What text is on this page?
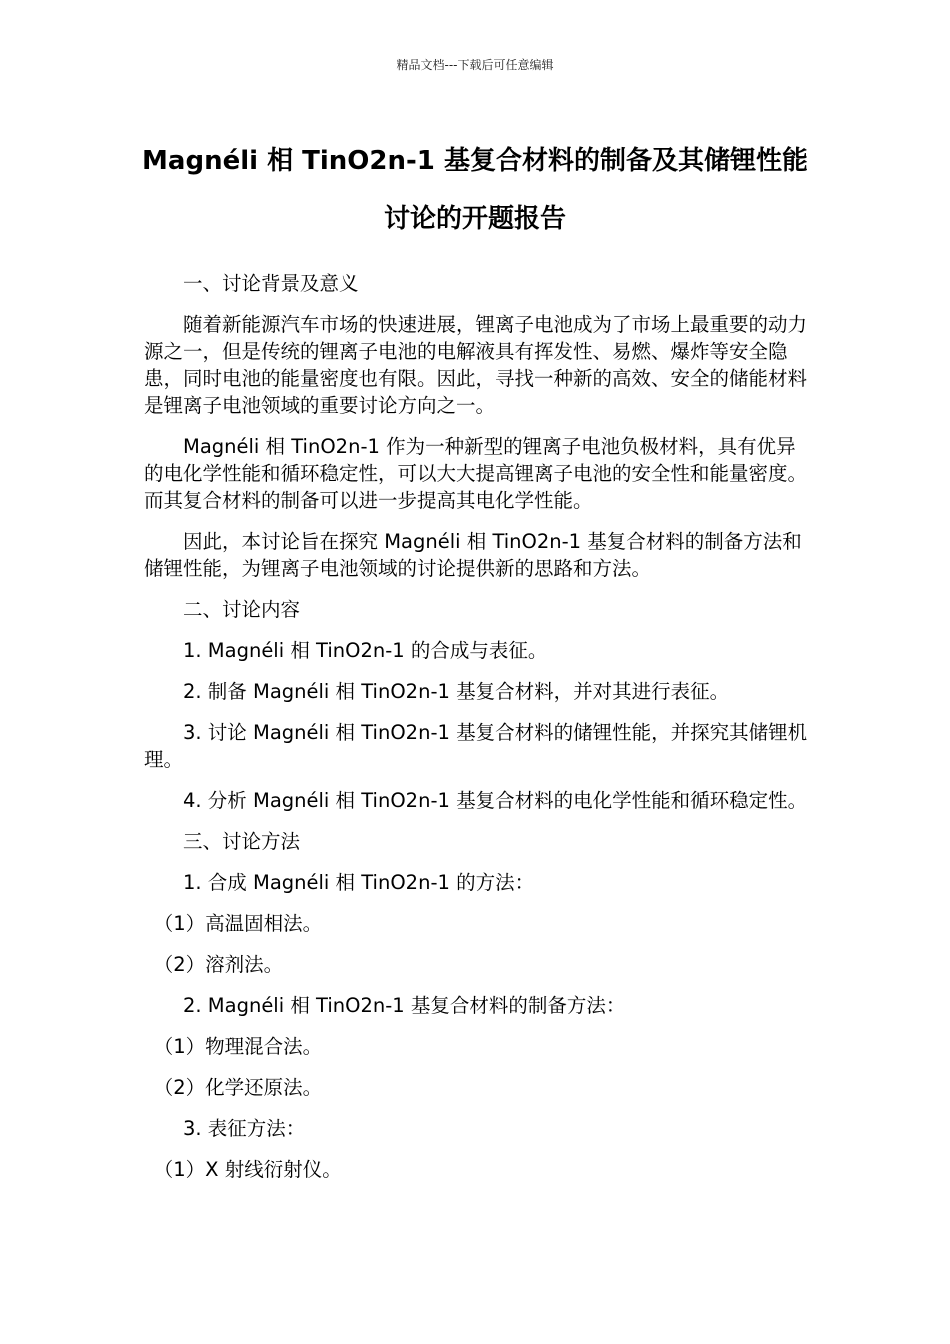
精品文档---下载后可任意编辑
Magnéli 相 TinO2n-1 基复合材料的制备及其储锂性能讨论的开题报告

一、讨论背景及意义

随着新能源汽车市场的快速进展，锂离子电池成为了市场上最重要的动力源之一，但是传统的锂离子电池的电解液具有挥发性、易燃、爆炸等安全隐患，同时电池的能量密度也有限。因此，寻找一种新的高效、安全的储能材料是锂离子电池领域的重要讨论方向之一。

Magnéli 相 TinO2n-1 作为一种新型的锂离子电池负极材料，具有优异的电化学性能和循环稳定性，可以大大提高锂离子电池的安全性和能量密度。而其复合材料的制备可以进一步提高其电化学性能。

因此，本讨论旨在探究 Magnéli 相 TinO2n-1 基复合材料的制备方法和储锂性能，为锂离子电池领域的讨论提供新的思路和方法。

二、讨论内容

1. Magnéli 相 TinO2n-1 的合成与表征。

2. 制备 Magnéli 相 TinO2n-1 基复合材料，并对其进行表征。

3. 讨论 Magnéli 相 TinO2n-1 基复合材料的储锂性能，并探究其储锂机理。

4. 分析 Magnéli 相 TinO2n-1 基复合材料的电化学性能和循环稳定性。

三、讨论方法

1. 合成 Magnéli 相 TinO2n-1 的方法：

（1）高温固相法。

（2）溶剂法。

2. Magnéli 相 TinO2n-1 基复合材料的制备方法：

（1）物理混合法。

（2）化学还原法。

3. 表征方法：

（1）X 射线衍射仪。
